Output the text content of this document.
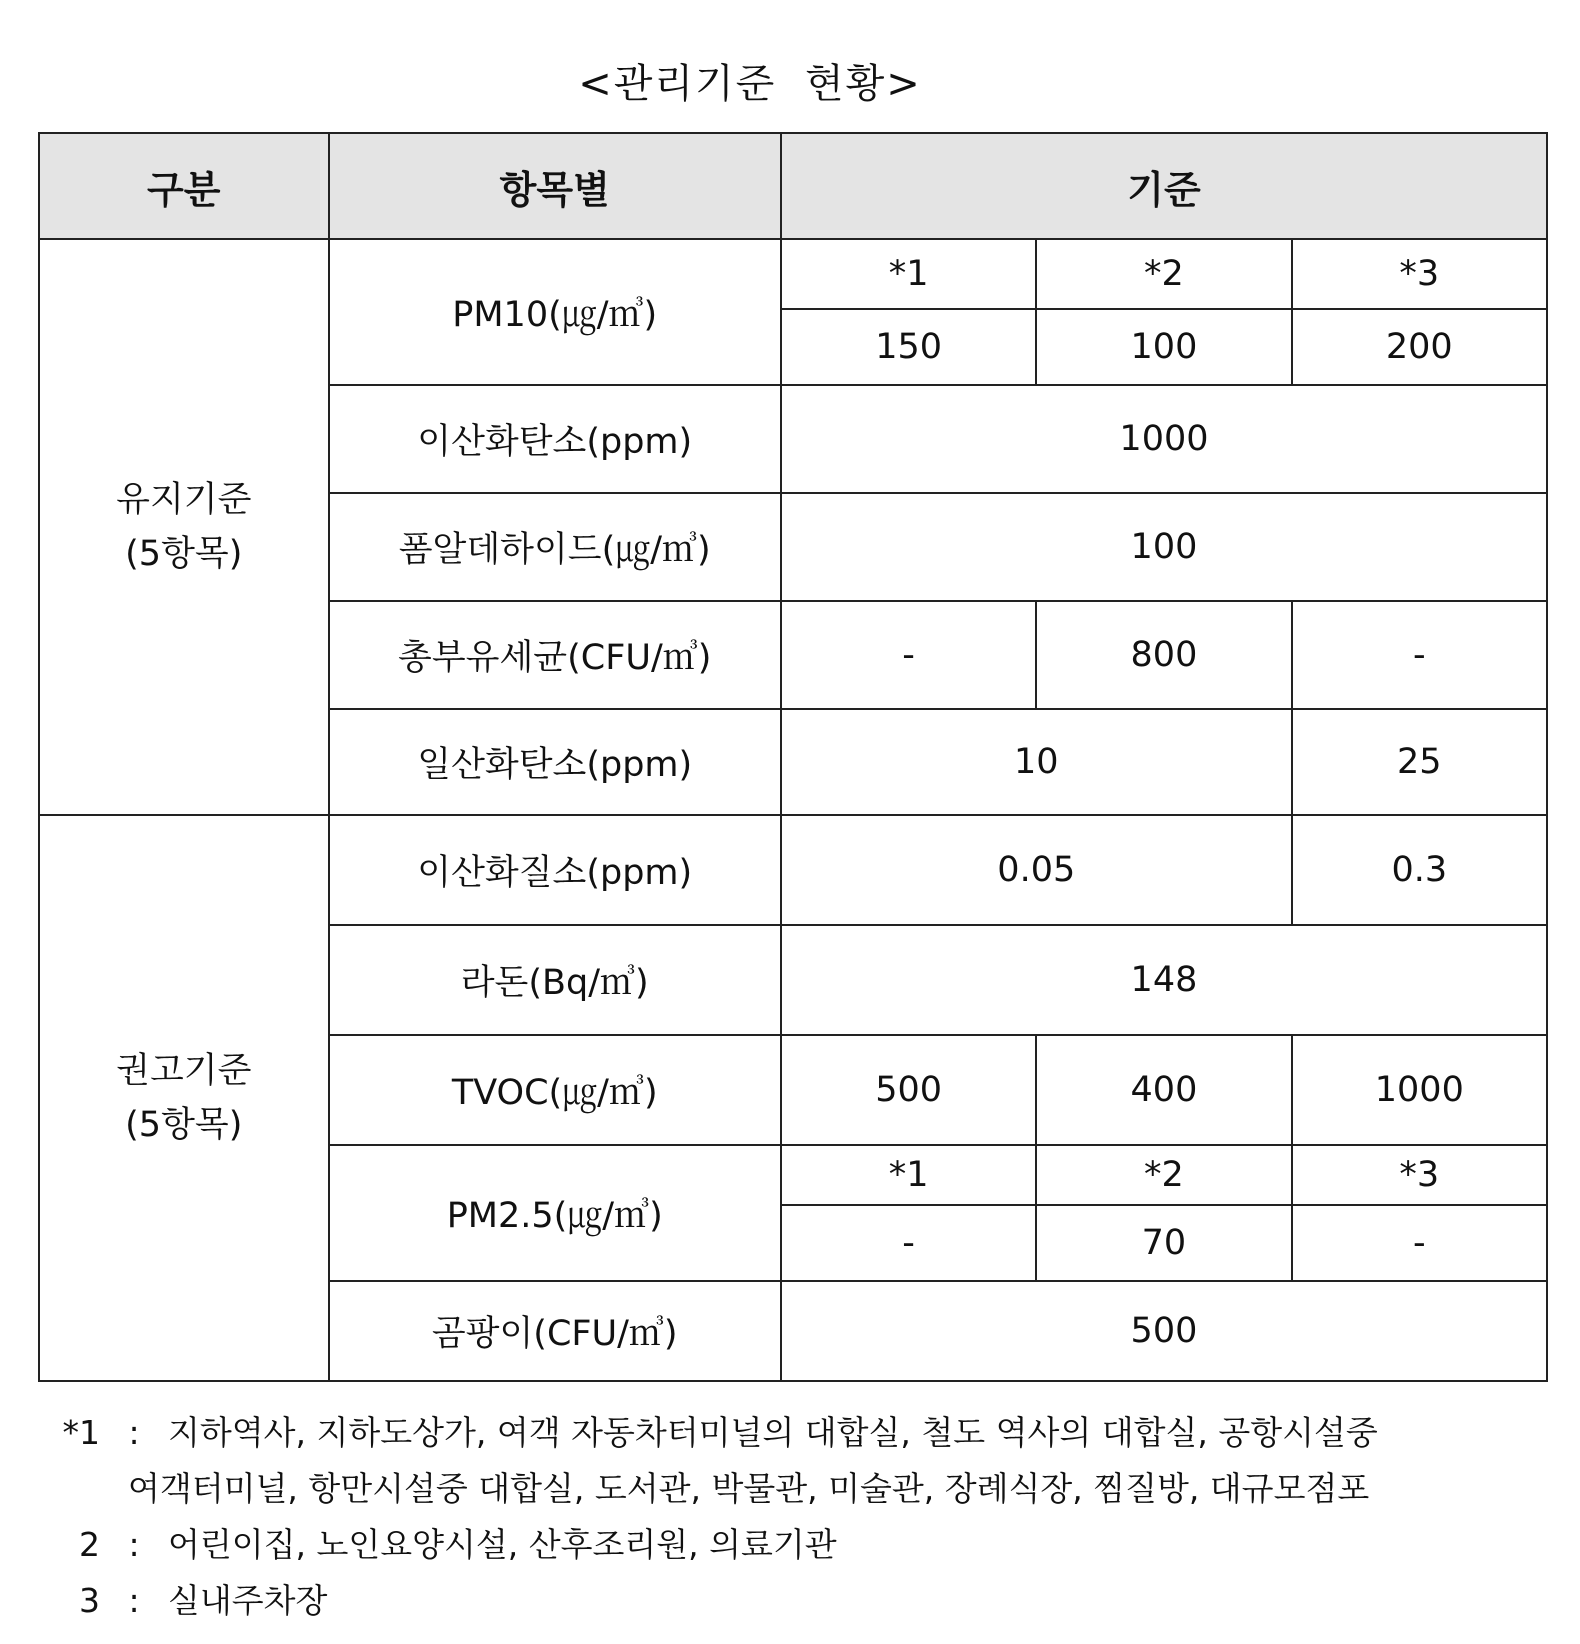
<관리기준 현황>
구분	항목별	기준		

유지기준
(5항목)	PM10(㎍/㎥)	*1	*2	*3
		150	100	200
	이산화탄소(ppm)	1000		
	폼알데하이드(㎍/㎥)	100		
	총부유세균(CFU/㎥)	-	800	-
	일산화탄소(ppm)	10		25

권고기준
(5항목)	이산화질소(ppm)	0.05		0.3
	라돈(Bq/㎥)	148		
	TVOC(㎍/㎥)	500	400	1000
	PM2.5(㎍/㎥)	*1	*2	*3
		-	70	-
	곰팡이(CFU/㎥)	500		
*1 : 지하역사, 지하도상가, 여객 자동차터미널의 대합실, 철도 역사의 대합실, 공항시설중
여객터미널, 항만시설중 대합실, 도서관, 박물관, 미술관, 장례식장, 찜질방, 대규모점포
2 : 어린이집, 노인요양시설, 산후조리원, 의료기관
3 : 실내주차장
